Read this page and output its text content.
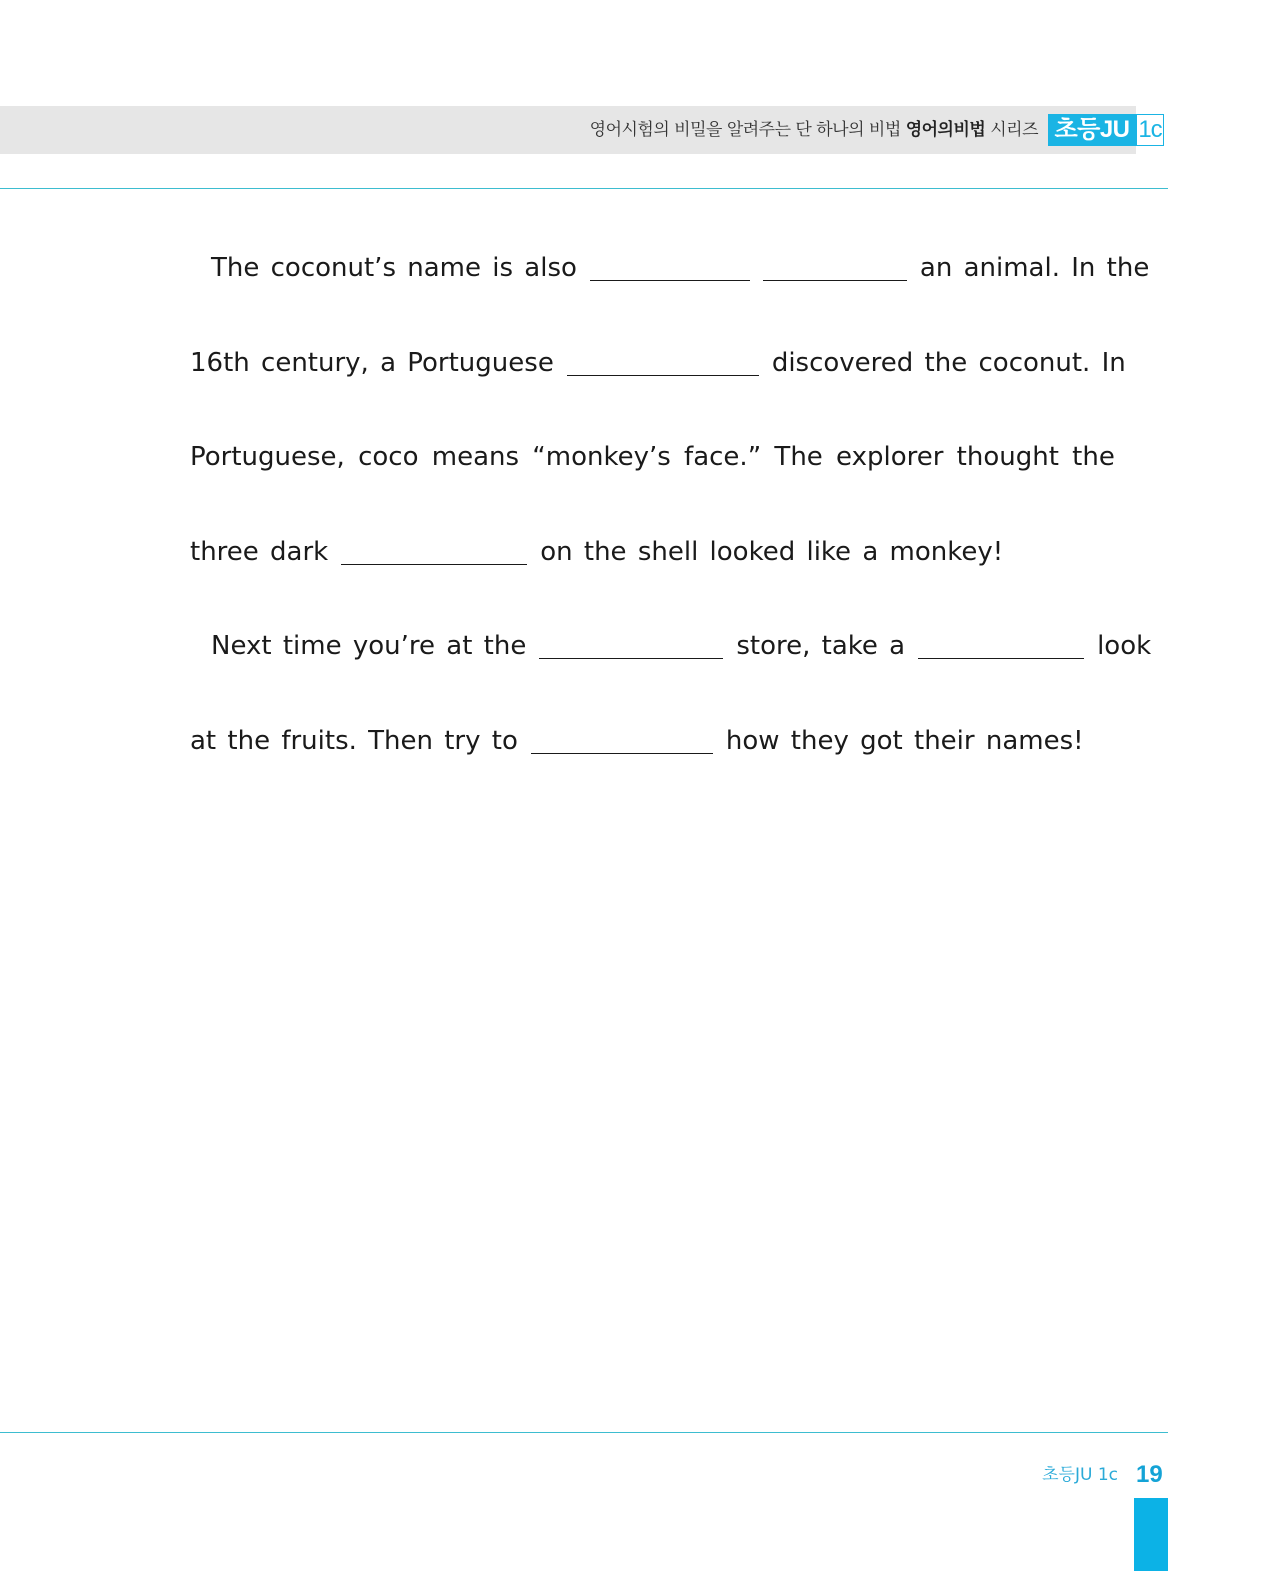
영어시험의 비밀을 알려주는 단 하나의 비법 영어의비법 시리즈 초등JU 1c
The coconut’s name is also	an animal. In the
16th century, a Portuguese	discovered the coconut. In
Portuguese, coco means “monkey’s face.” The explorer thought the
three dark	on the shell looked like a monkey!
Next time you’re at the	store, take a	look
at the fruits. Then try to	how they got their names!
초등JU 1c 19
